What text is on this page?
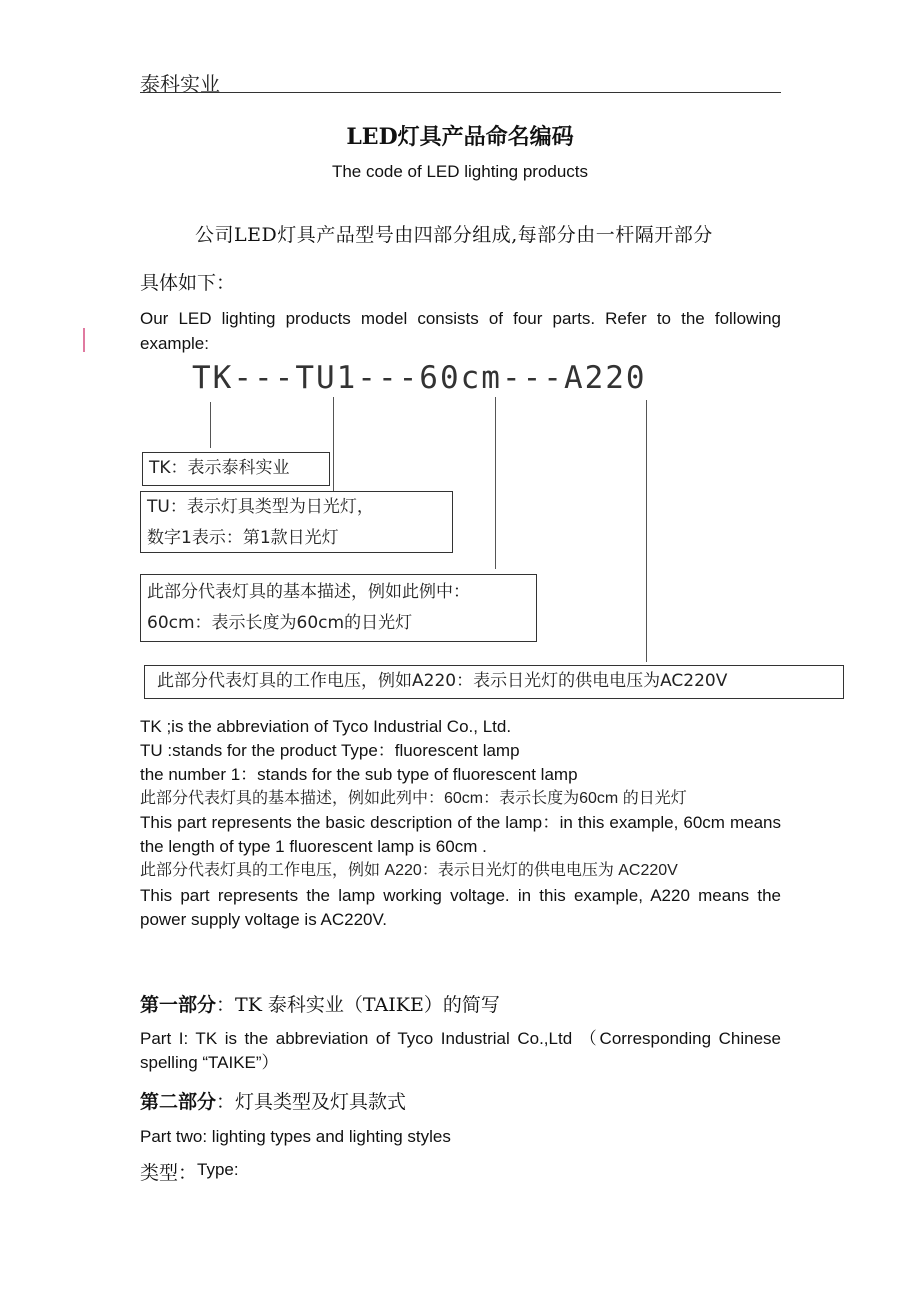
泰科实业
LED灯具产品命名编码
The code of LED lighting products
公司LED灯具产品型号由四部分组成,每部分由一杆隔开部分
具体如下：
Our LED lighting products model consists of four parts. Refer to the following example:
TK---TU1---60cm---A220
TK：表示泰科实业
TU：表示灯具类型为日光灯，
数字1表示：第1款日光灯
此部分代表灯具的基本描述，例如此例中：
60cm：表示长度为60cm的日光灯
此部分代表灯具的工作电压，例如A220：表示日光灯的供电电压为AC220V
TK ;is the abbreviation of Tyco Industrial Co., Ltd.
TU :stands for the product Type：fluorescent lamp
the number 1：stands for the sub type of fluorescent lamp
此部分代表灯具的基本描述，例如此列中：60cm：表示长度为60cm 的日光灯
This part represents the basic description of the lamp：in this example, 60cm means the length of type 1 fluorescent lamp is 60cm .
此部分代表灯具的工作电压，例如 A220：表示日光灯的供电电压为 AC220V
This part represents the lamp working voltage. in this example, A220 means the power supply voltage is AC220V.
第一部分：TK 泰科实业（TAIKE）的简写
Part I: TK is the abbreviation of Tyco Industrial Co.,Ltd （Corresponding Chinese spelling “TAIKE”）
第二部分：灯具类型及灯具款式
Part two: lighting types and lighting styles
类型：Type:
